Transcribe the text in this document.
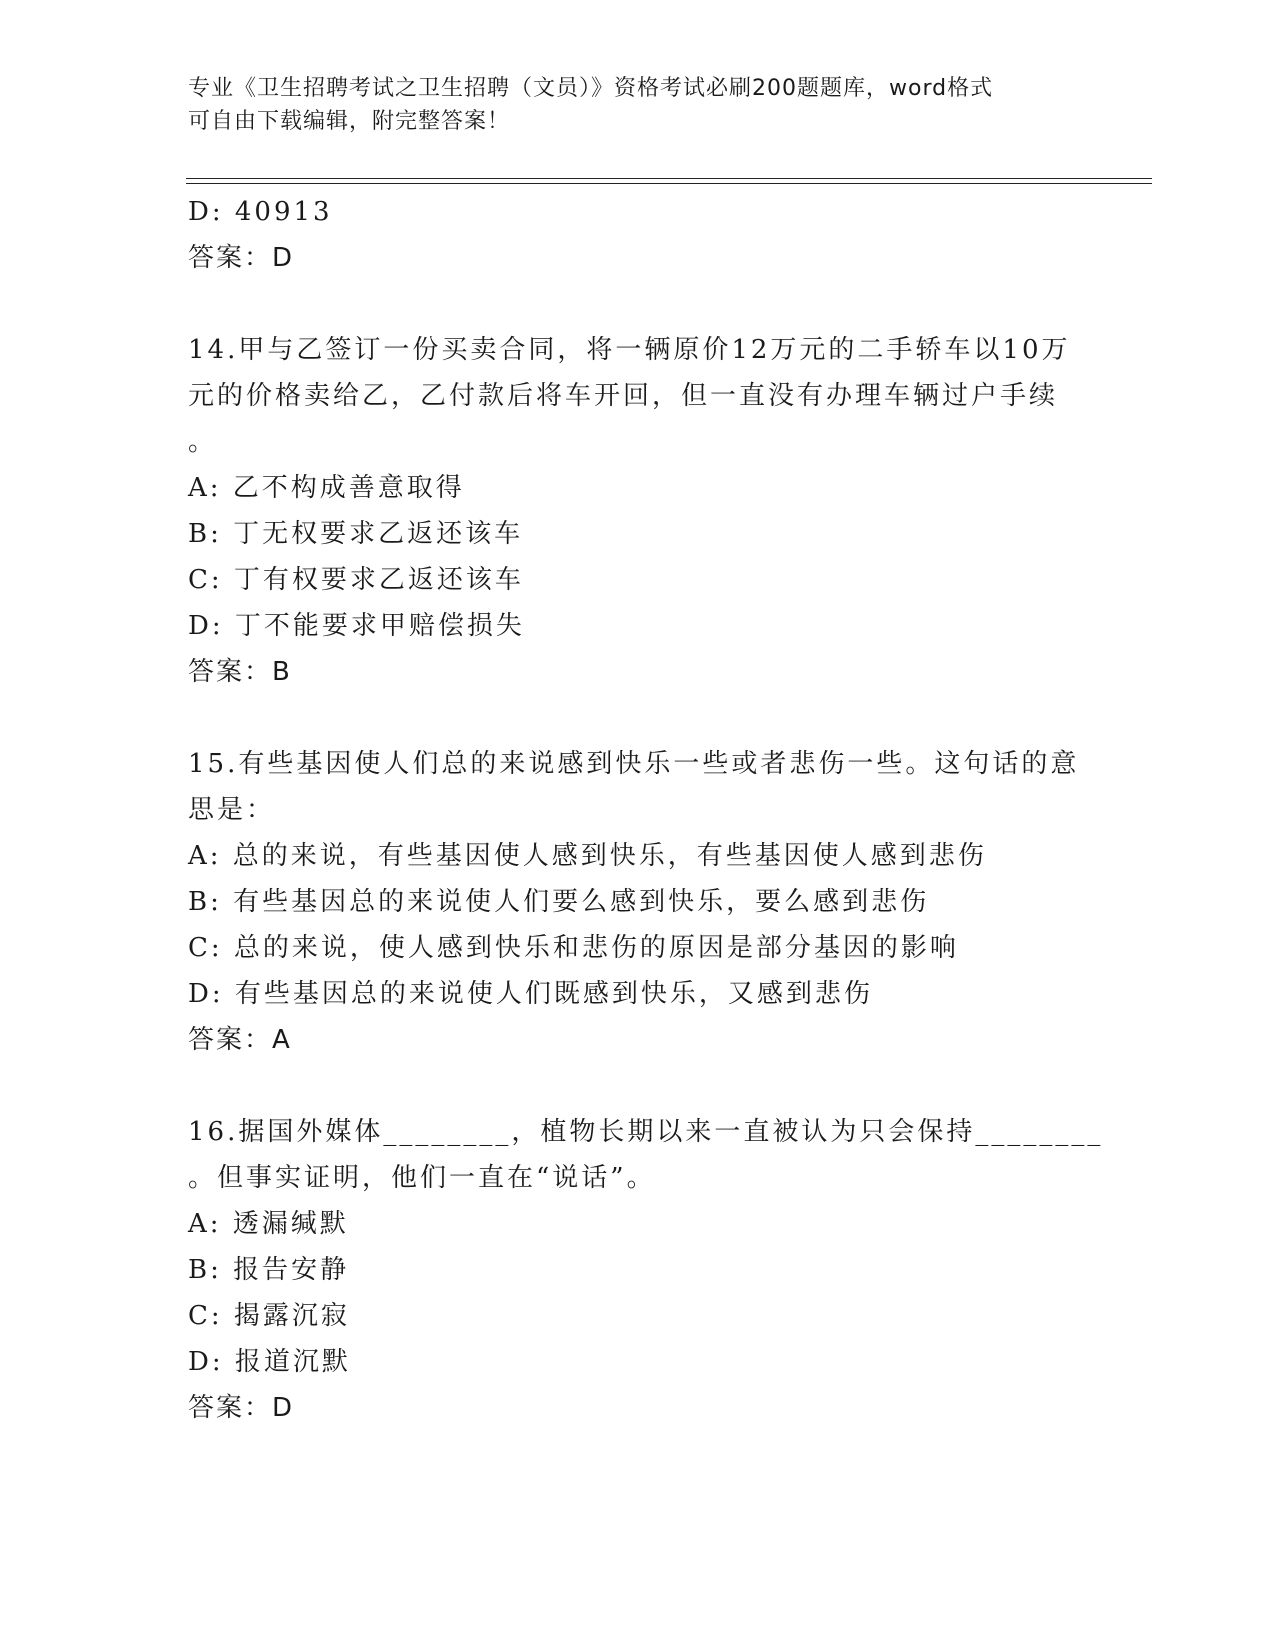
专业《卫生招聘考试之卫生招聘（文员）》资格考试必刷200题题库，word格式
可自由下载编辑，附完整答案！
D: 40913
答案：D
14.甲与乙签订一份买卖合同，将一辆原价12万元的二手轿车以10万
元的价格卖给乙，乙付款后将车开回，但一直没有办理车辆过户手续
。
A: 乙不构成善意取得
B: 丁无权要求乙返还该车
C: 丁有权要求乙返还该车
D: 丁不能要求甲赔偿损失
答案：B
15.有些基因使人们总的来说感到快乐一些或者悲伤一些。这句话的意
思是：
A: 总的来说，有些基因使人感到快乐，有些基因使人感到悲伤
B: 有些基因总的来说使人们要么感到快乐，要么感到悲伤
C: 总的来说，使人感到快乐和悲伤的原因是部分基因的影响
D: 有些基因总的来说使人们既感到快乐，又感到悲伤
答案：A
16.据国外媒体________，植物长期以来一直被认为只会保持________
。但事实证明，他们一直在“说话”。
A: 透漏缄默
B: 报告安静
C: 揭露沉寂
D: 报道沉默
答案：D
